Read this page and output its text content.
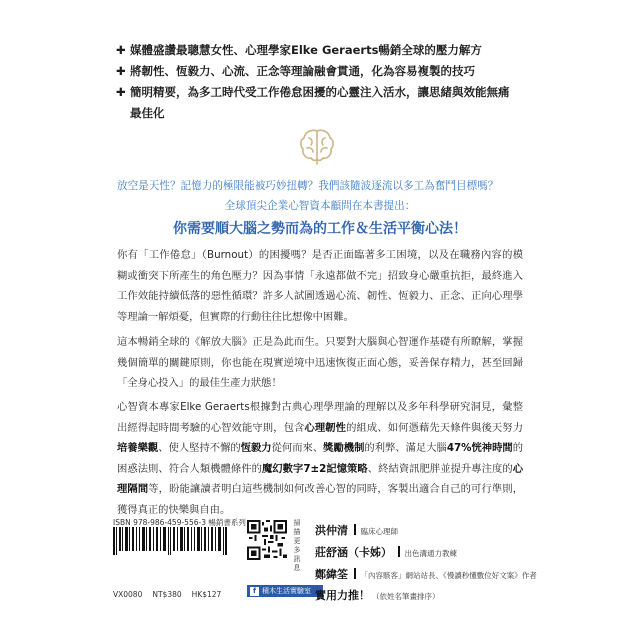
✚ 媒體盛讚最聰慧女性、心理學家Elke Geraerts暢銷全球的壓力解方
✚ 將韌性、恆毅力、心流、正念等理論融會貫通，化為容易複製的技巧
✚ 簡明精要，為多工時代受工作倦怠困擾的心靈注入活水，讓思緒與效能無痛最佳化
放空是天性？記憶力的極限能被巧妙扭轉？我們該隨波逐流以多工為奮鬥目標嗎？
全球頂尖企業心智資本顧問在本書提出：
你需要順大腦之勢而為的工作＆生活平衡心法！
你有「工作倦怠」（Burnout）的困擾嗎？是否正面臨著多工困境，以及在職務內容的模糊或衝突下所產生的角色壓力？因為事情「永遠都做不完」招致身心嚴重抗拒，最終進入工作效能持續低落的惡性循環？許多人試圖透過心流、韌性、恆毅力、正念、正向心理學等理論一解煩憂，但實際的行動往往比想像中困難。
這本暢銷全球的《解放大腦》正是為此而生。只要對大腦與心智運作基礎有所瞭解，掌握幾個簡單的關鍵原則，你也能在現實逆境中迅速恢復正面心態，妥善保存精力，甚至回歸「全身心投入」的最佳生產力狀態！
心智資本專家Elke Geraerts根據對古典心理學理論的理解以及多年科學研究洞見，彙整出經得起時間考驗的心智效能守則，包含心理韌性的組成、如何憑藉先天條件與後天努力培養樂觀、使人堅持不懈的恆毅力從何而來、獎勵機制的利弊、滿足大腦47%恍神時間的困惑法則、符合人類機體條件的魔幻數字7±2記憶策略、終結資訊肥胖並提升專注度的心理隔間等，盼能讓讀者明白這些機制如何改善心智的同時，客製出適合自己的可行準則，獲得真正的快樂與自由。
ISBN 978-986-459-556-3 暢銷書系列
VX0080 NT$380 HK$127
掃描更多訊息
f 積木生活實驗室
洪仲清 臨床心理師
莊舒涵（卡姊） 出色溝通力教練
鄭緯筌 「內容駭客」網站站長、《慢讀秒懂數位好文案》作者
實用力推！ （依姓名筆畫排序）
